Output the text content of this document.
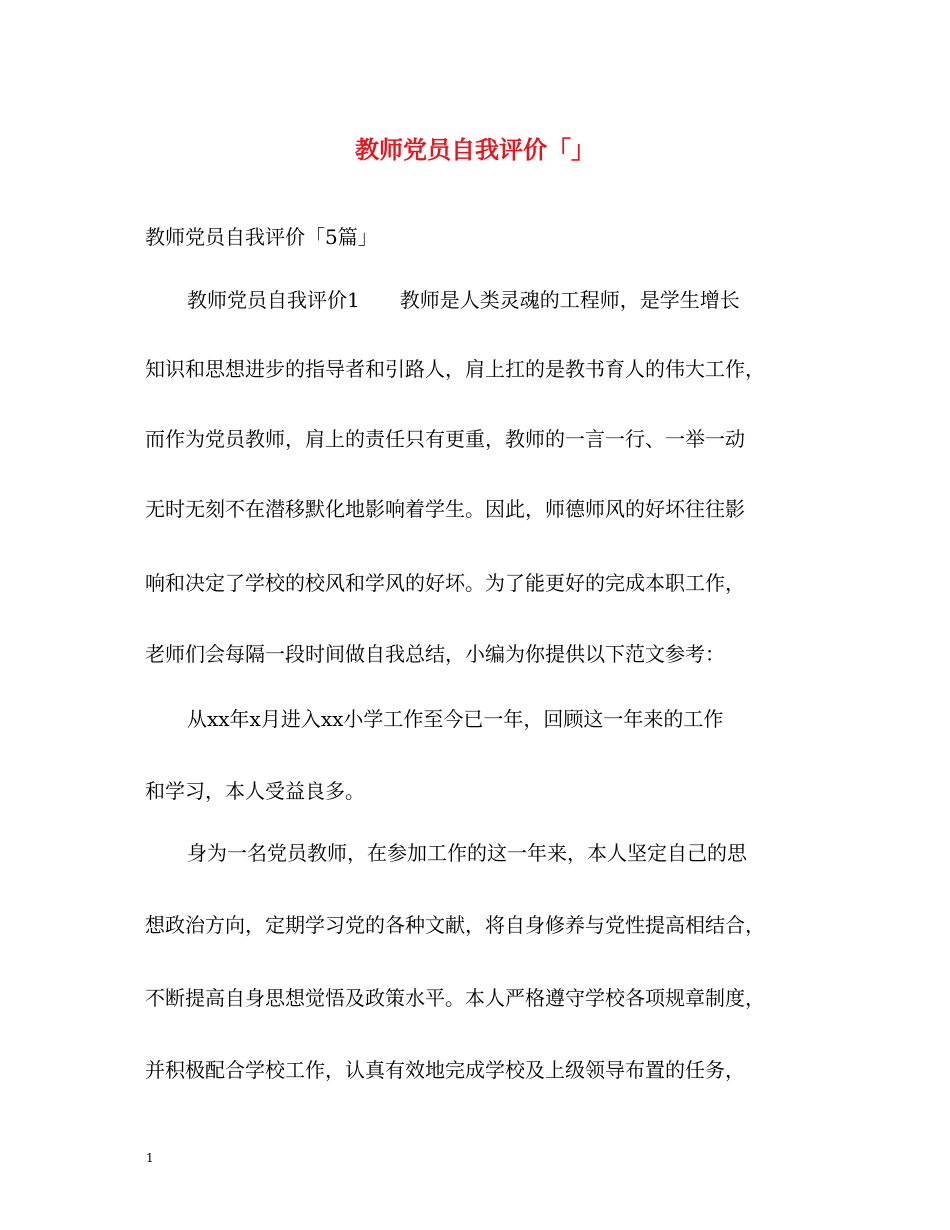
教师党员自我评价「」
教师党员自我评价「5篇」
教师党员自我评价1　　教师是人类灵魂的工程师，是学生增长
知识和思想进步的指导者和引路人，肩上扛的是教书育人的伟大工作，
而作为党员教师，肩上的责任只有更重，教师的一言一行、一举一动
无时无刻不在潜移默化地影响着学生。因此，师德师风的好坏往往影
响和决定了学校的校风和学风的好坏。为了能更好的完成本职工作，
老师们会每隔一段时间做自我总结，小编为你提供以下范文参考：
从xx年x月进入xx小学工作至今已一年，回顾这一年来的工作
和学习，本人受益良多。
身为一名党员教师，在参加工作的这一年来，本人坚定自己的思
想政治方向，定期学习党的各种文献，将自身修养与党性提高相结合，
不断提高自身思想觉悟及政策水平。本人严格遵守学校各项规章制度，
并积极配合学校工作，认真有效地完成学校及上级领导布置的任务，
1
